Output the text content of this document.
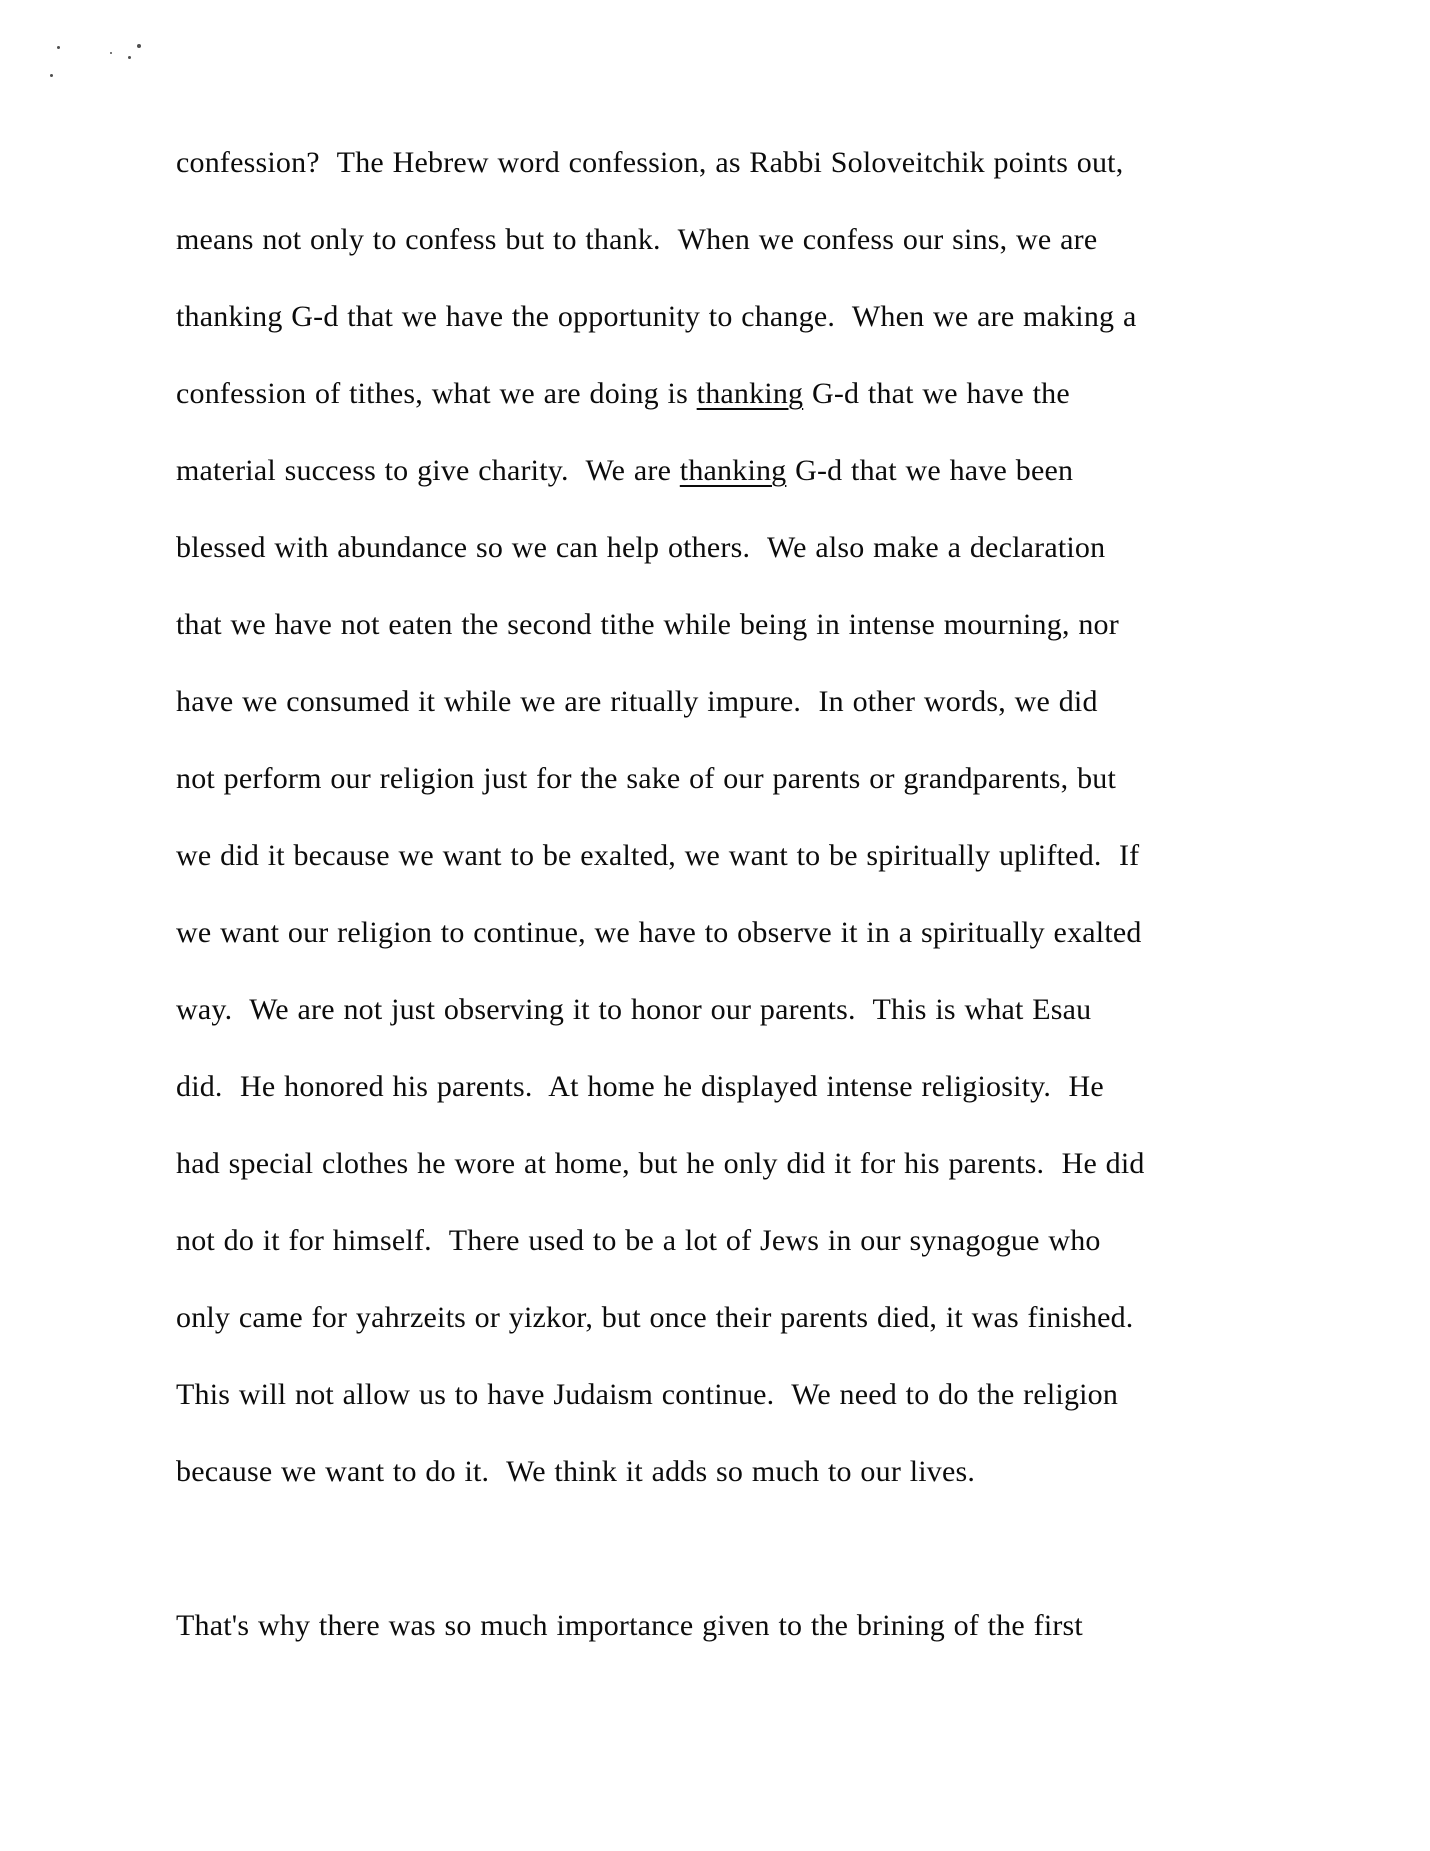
confession?  The Hebrew word confession, as Rabbi Soloveitchik points out,
means not only to confess but to thank.  When we confess our sins, we are
thanking G-d that we have the opportunity to change.  When we are making a
confession of tithes, what we are doing is thanking G-d that we have the
material success to give charity.  We are thanking G-d that we have been
blessed with abundance so we can help others.  We also make a declaration
that we have not eaten the second tithe while being in intense mourning, nor
have we consumed it while we are ritually impure.  In other words, we did
not perform our religion just for the sake of our parents or grandparents, but
we did it because we want to be exalted, we want to be spiritually uplifted.  If
we want our religion to continue, we have to observe it in a spiritually exalted
way.  We are not just observing it to honor our parents.  This is what Esau
did.  He honored his parents.  At home he displayed intense religiosity.  He
had special clothes he wore at home, but he only did it for his parents.  He did
not do it for himself.  There used to be a lot of Jews in our synagogue who
only came for yahrzeits or yizkor, but once their parents died, it was finished.
This will not allow us to have Judaism continue.  We need to do the religion
because we want to do it.  We think it adds so much to our lives.
That's why there was so much importance given to the brining of the first
